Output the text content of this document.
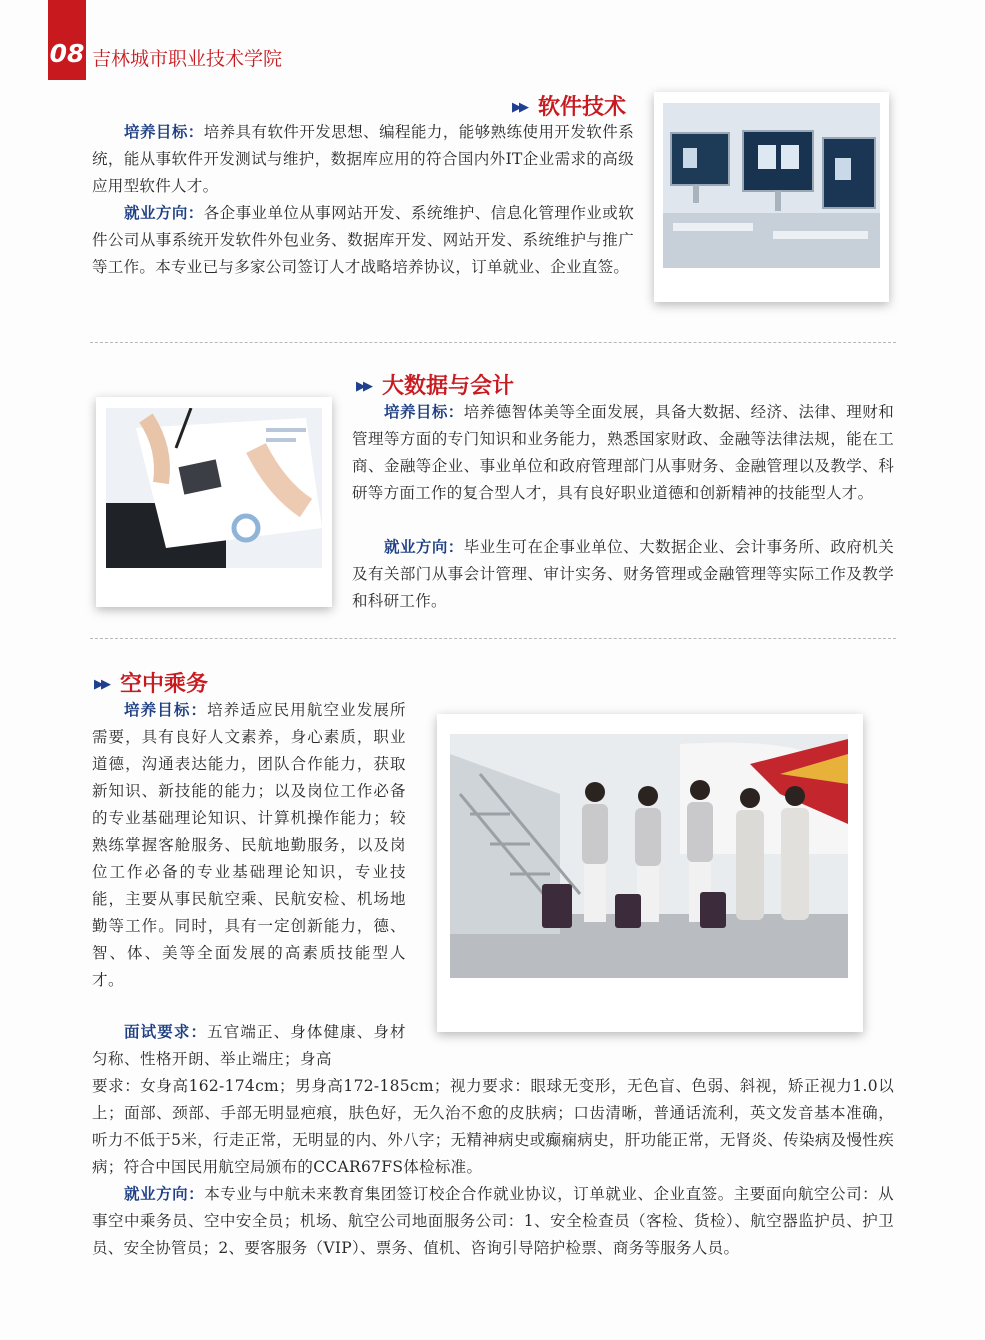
08 吉林城市职业技术学院
▶▶ 软件技术
培养目标：培养具有软件开发思想、编程能力，能够熟练使用开发软件系统，能从事软件开发测试与维护，数据库应用的符合国内外IT企业需求的高级应用型软件人才。
就业方向：各企事业单位从事网站开发、系统维护、信息化管理作业或软件公司从事系统开发软件外包业务、数据库开发、网站开发、系统维护与推广等工作。本专业已与多家公司签订人才战略培养协议，订单就业、企业直签。
▶▶ 大数据与会计
培养目标：培养德智体美等全面发展，具备大数据、经济、法律、理财和管理等方面的专门知识和业务能力，熟悉国家财政、金融等法律法规，能在工商、金融等企业、事业单位和政府管理部门从事财务、金融管理以及教学、科研等方面工作的复合型人才，具有良好职业道德和创新精神的技能型人才。
就业方向：毕业生可在企事业单位、大数据企业、会计事务所、政府机关及有关部门从事会计管理、审计实务、财务管理或金融管理等实际工作及教学和科研工作。
▶▶ 空中乘务
培养目标：培养适应民用航空业发展所需要，具有良好人文素养，身心素质，职业道德，沟通表达能力，团队合作能力，获取新知识、新技能的能力；以及岗位工作必备的专业基础理论知识、计算机操作能力；较熟练掌握客舱服务、民航地勤服务，以及岗位工作必备的专业基础理论知识，专业技能，主要从事民航空乘、民航安检、机场地勤等工作。同时，具有一定创新能力，德、智、体、美等全面发展的高素质技能型人才。
面试要求：五官端正、身体健康、身材匀称、性格开朗、举止端庄；身高
要求：女身高162-174cm；男身高172-185cm；视力要求：眼球无变形，无色盲、色弱、斜视，矫正视力1.0以上；面部、颈部、手部无明显疤痕，肤色好，无久治不愈的皮肤病；口齿清晰，普通话流利，英文发音基本准确，听力不低于5米，行走正常，无明显的内、外八字；无精神病史或癫痫病史，肝功能正常，无肾炎、传染病及慢性疾病；符合中国民用航空局颁布的CCAR67FS体检标准。
就业方向：本专业与中航未来教育集团签订校企合作就业协议，订单就业、企业直签。主要面向航空公司：从事空中乘务员、空中安全员；机场、航空公司地面服务公司：1、安全检查员（客检、货检）、航空器监护员、护卫员、安全协管员；2、要客服务（VIP）、票务、值机、咨询引导陪护检票、商务等服务人员。
